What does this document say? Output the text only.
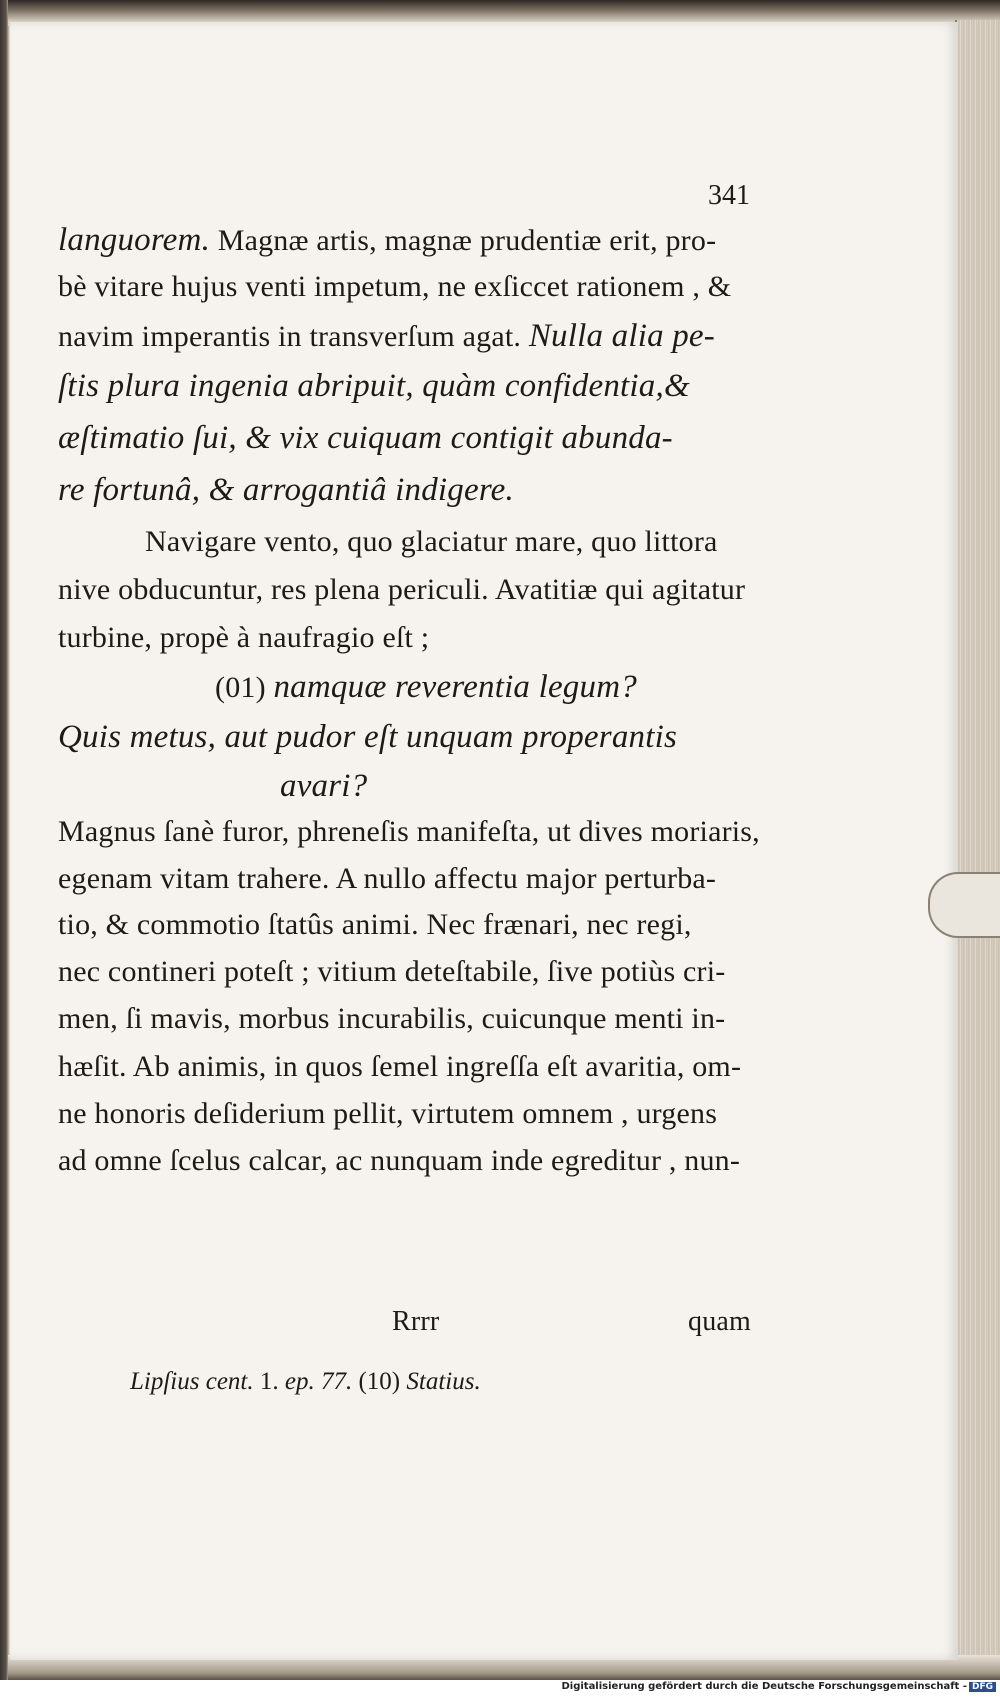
341
languorem. Magnæ artis, magnæ prudentiæ erit, pro-
bè vitare hujus venti impetum, ne exſiccet rationem , &
navim imperantis in transverſum agat. Nulla alia pe-
ſtis plura ingenia abripuit, quàm confidentia,&
æſtimatio ſui, & vix cuiquam contigit abunda-
re fortunâ, & arrogantiâ indigere.
Navigare vento, quo glaciatur mare, quo littora
nive obducuntur, res plena periculi. Avatitiæ qui agitatur
turbine, propè à naufragio eſt ;
(01) namquæ reverentia legum?
Quis metus, aut pudor eſt unquam properantis
avari?
Magnus ſanè furor, phreneſis manifeſta, ut dives moriaris,
egenam vitam trahere. A nullo affectu major perturba-
tio, & commotio ſtatûs animi. Nec frænari, nec regi,
nec contineri poteſt ; vitium deteſtabile, ſive potiùs cri-
men, ſi mavis, morbus incurabilis, cuicunque menti in-
hæſit. Ab animis, in quos ſemel ingreſſa eſt avaritia, om-
ne honoris deſiderium pellit, virtutem omnem , urgens
ad omne ſcelus calcar, ac nunquam inde egreditur , nun-
Rrrr	quam
Lipſius cent. 1. ep. 77. (10) Statius.
Digitalisierung gefördert durch die Deutsche Forschungsgemeinschaft - DFG
